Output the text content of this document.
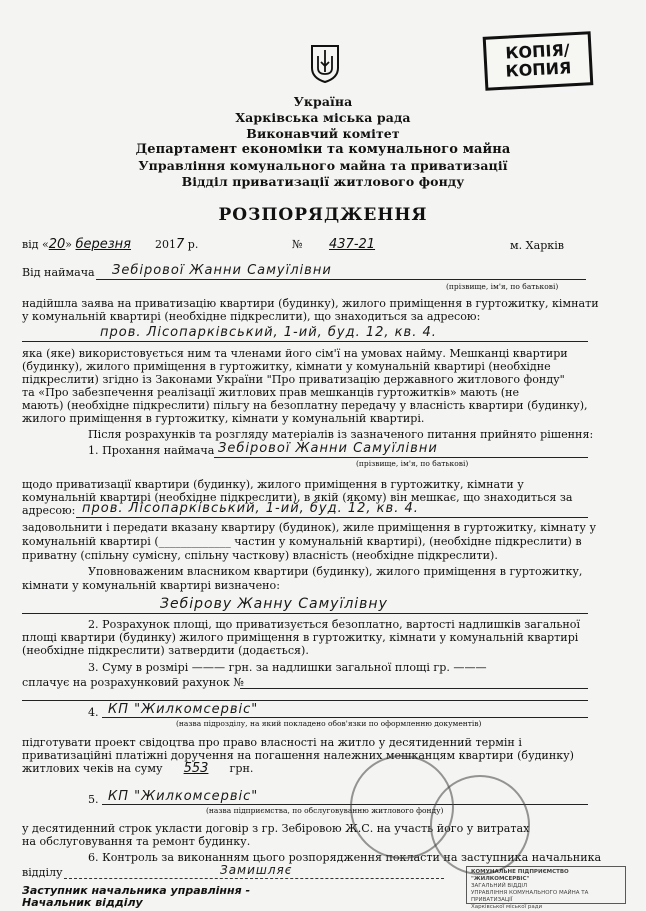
КОПІЯ/
КОПИЯ
Україна
Харківська міська рада
Виконавчий комітет
Департамент економіки та комунального майна
Управління комунального майна та приватизації
Відділ приватизації житлового фонду
РОЗПОРЯДЖЕННЯ
від «20» березня 2017 р.	№ 437-21	м. Харків
Від наймача Зебірової Жанни Самуїлівни
(прізвище, ім'я, по батькові)
надійшла заява на приватизацію квартири (будинку), жилого приміщення в гуртожитку, кімнати
у комунальній квартирі (необхідне підкреслити), що знаходиться за адресою:
пров. Лісопарківський, 1-ий, буд. 12, кв. 4.
яка (яке) використовується ним та членами його сім'ї на умовах найму. Мешканці квартири
(будинку), жилого приміщення в гуртожитку, кімнати у комунальній квартирі (необхідне
підкреслити) згідно із Законами України "Про приватизацію державного житлового фонду"
та «Про забезпечення реалізації житлових прав мешканців гуртожитків» мають (не
мають) (необхідне підкреслити) пільгу на безоплатну передачу у власність квартири (будинку),
жилого приміщення в гуртожитку, кімнати у комунальній квартирі.
Після розрахунків та розгляду матеріалів із зазначеного питання прийнято рішення:
1. Прохання наймача Зебірової Жанни Самуїлівни
(прізвище, ім'я, по батькові)
щодо приватизації квартири (будинку), жилого приміщення в гуртожитку, кімнати у
комунальній квартирі (необхідне підкреслити), в якій (якому) він мешкає, що знаходиться за
адресою: пров. Лісопарківський, 1-ий, буд. 12, кв. 4.
задовольнити і передати вказану квартиру (будинок), жиле приміщення в гуртожитку, кімнату у
комунальній квартирі (_____________ частин у комунальній квартирі), (необхідне підкреслити) в
приватну (спільну сумісну, спільну часткову) власність (необхідне підкреслити).
Уповноваженим власником квартири (будинку), жилого приміщення в гуртожитку,
кімнати у комунальній квартирі визначено:
Зебірову Жанну Самуїлівну
2. Розрахунок площі, що приватизується безоплатно, вартості надлишків загальної
площі квартири (будинку) жилого приміщення в гуртожитку, кімнати у комунальній квартирі
(необхідне підкреслити) затвердити (додається).
3. Суму в розмірі ——— грн. за надлишки загальної площі гр. ———
сплачує на розрахунковий рахунок №
4. КП "Жилкомсервіс"
(назва підрозділу, на який покладено обов'язки по оформленню документів)
підготувати проект свідоцтва про право власності на житло у десятиденний термін і
приватизаційні платіжні доручення на погашення належних мешканцям квартири (будинку)
житлових чеків на суму 553 грн.
5. КП "Жилкомсервіс"
(назва підприємства, по обслуговуванню житлового фонду)
у десятиденний строк укласти договір з гр. Зебіровою Ж.С. на участь його у витратах
на обслуговування та ремонт будинку.
6. Контроль за виконанням цього розпорядження покласти на заступника начальника
відділу	Замишляє
Заступник начальника управління -
Начальник відділу
КОМУНАЛЬНЕ ПІДПРИЄМСТВО
"ЖИЛКОМСЕРВІС"
ЗАГАЛЬНИЙ ВІДДІЛ
УПРАВЛІННЯ КОМУНАЛЬНОГО МАЙНА ТА ПРИВАТИЗАЦІЇ
Харківської міської ради
